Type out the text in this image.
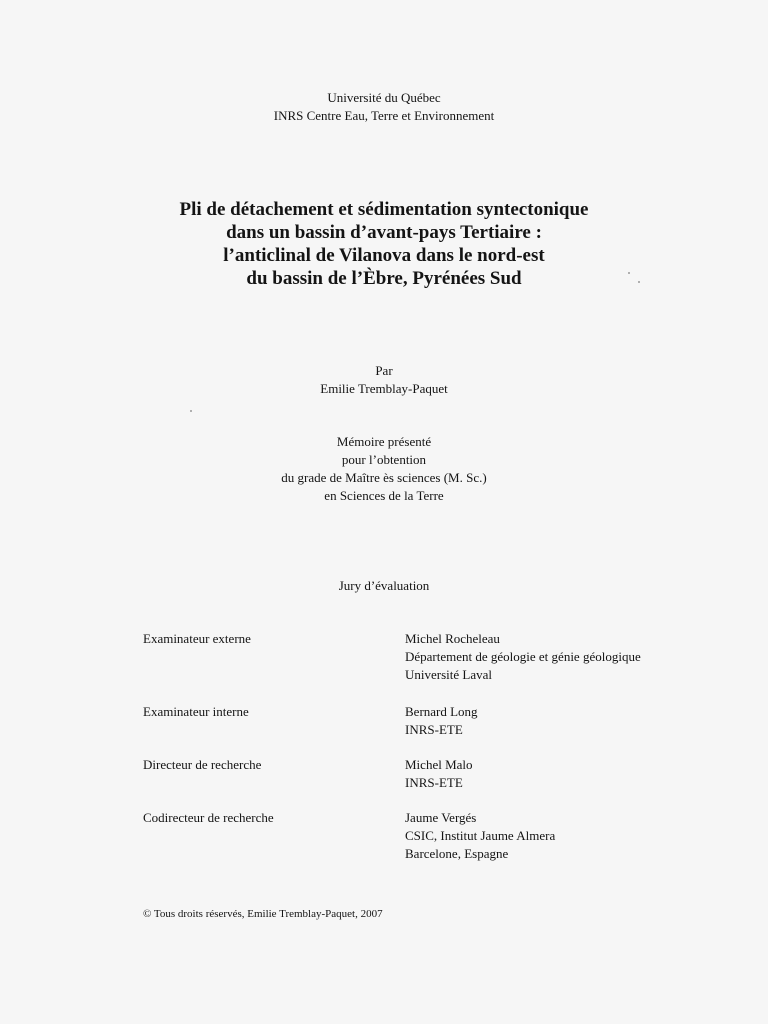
Université du Québec
INRS Centre Eau, Terre et Environnement
Pli de détachement et sédimentation syntectonique
dans un bassin d’avant-pays Tertiaire :
l’anticlinal de Vilanova dans le nord-est
du bassin de l’Èbre, Pyrénées Sud
Par
Emilie Tremblay-Paquet
Mémoire présenté
pour l’obtention
du grade de Maître ès sciences (M. Sc.)
en Sciences de la Terre
Jury d’évaluation
Examinateur externe	Michel Rocheleau
Département de géologie et génie géologique
Université Laval
Examinateur interne	Bernard Long
INRS-ETE
Directeur de recherche	Michel Malo
INRS-ETE
Codirecteur de recherche	Jaume Vergés
CSIC, Institut Jaume Almera
Barcelone, Espagne
© Tous droits réservés, Emilie Tremblay-Paquet, 2007
